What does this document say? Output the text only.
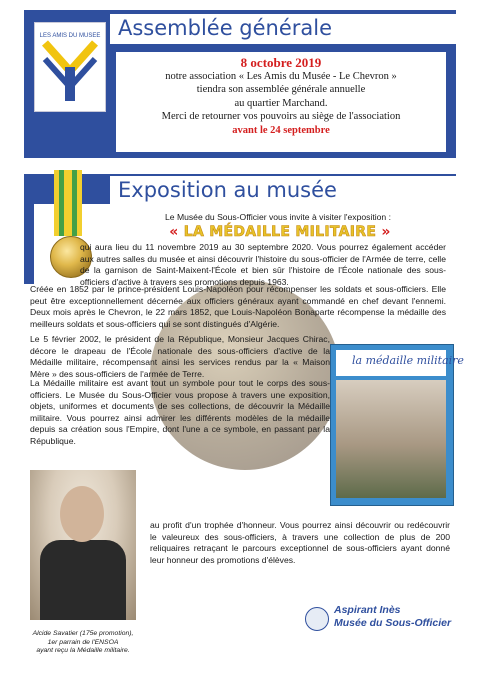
Assemblée générale
LES AMIS DU MUSEE
8 octobre 2019
notre association « Les Amis du Musée - Le Chevron »
tiendra son assemblée générale annuelle
au quartier Marchand.
Merci de retourner vos pouvoirs au siège de l'association
avant le 24 septembre
Exposition au musée
Le Musée du Sous-Officier vous invite à visiter l'exposition :
« LA MÉDAILLE MILITAIRE »
qui aura lieu du 11 novembre 2019 au 30 septembre 2020. Vous pourrez également accéder aux autres salles du musée et ainsi découvrir l'histoire du sous-officier de l'Armée de terre, celle de la garnison de Saint-Maixent-l'École et bien sûr l'histoire de l'École nationale des sous-officiers d'active à travers ses promotions depuis 1963.
Créée en 1852 par le prince-président Louis-Napoléon pour récompenser les soldats et sous-officiers. Elle peut être exceptionnellement décernée aux officiers généraux ayant commandé en chef devant l'ennemi. Deux mois après le Chevron, le 22 mars 1852, que Louis-Napoléon Bonaparte récompense la médaille des meilleurs soldats et sous-officiers qui se sont distingués d'Algérie.
Le 5 février 2002, le président de la République, Monsieur Jacques Chirac, décore le drapeau de l'École nationale des sous-officiers d'active de la Médaille militaire, récompensant ainsi les services rendus par la « Maison Mère » des sous-officiers de l'armée de Terre.
La Médaille militaire est avant tout un symbole pour tout le corps des sous-officiers. Le Musée du Sous-Officier vous propose à travers une exposition, objets, uniformes et documents de ses collections, de découvrir la Médaille militaire. Vous pourrez ainsi admirer les différents modèles de la médaille depuis sa création sous l'Empire, dont l'une a ce symbole, en passant par la République.
la médaille militaire
Alcide Savatier (175e promotion),
1er parrain de l'ENSOA
ayant reçu la Médaille militaire.
au profit d'un trophée d'honneur. Vous pourrez ainsi découvrir ou redécouvrir le valeureux des sous-officiers, à travers une collection de plus de 200 reliquaires retraçant le parcours exceptionnel de sous-officiers ayant donné leur honneur des promotions d'élèves.
Aspirant Inès
Musée du Sous-Officier
